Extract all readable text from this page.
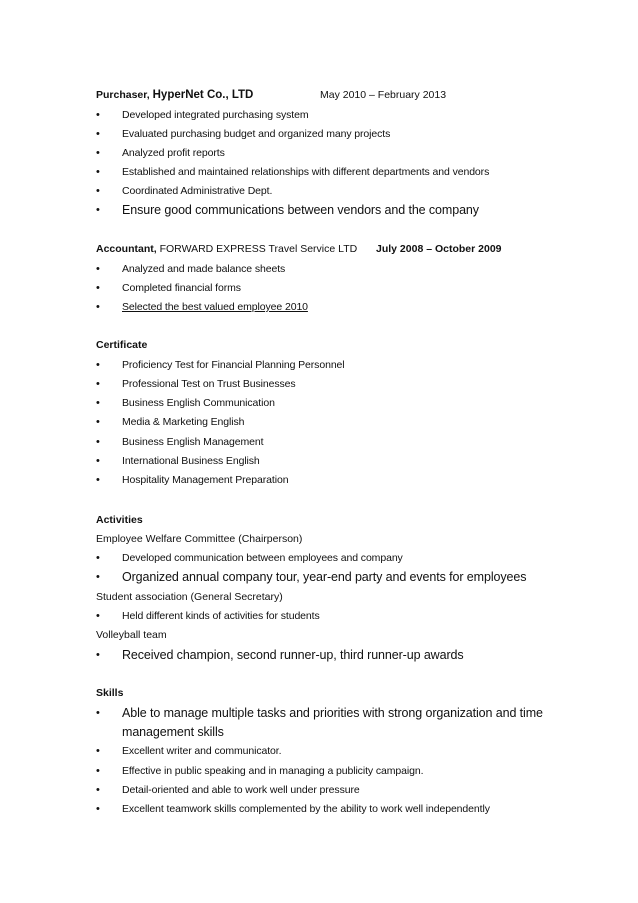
Purchaser, HyperNet Co., LTD	May 2010 – February 2013
• Developed integrated purchasing system
• Evaluated purchasing budget and organized many projects
• Analyzed profit reports
• Established and maintained relationships with different departments and vendors
• Coordinated Administrative Dept.
• Ensure good communications between vendors and the company
Accountant, FORWARD EXPRESS Travel Service LTD July 2008 – October 2009
• Analyzed and made balance sheets
• Completed financial forms
• Selected the best valued employee 2010
Certificate
• Proficiency Test for Financial Planning Personnel
• Professional Test on Trust Businesses
• Business English Communication
• Media & Marketing English
• Business English Management
• International Business English
• Hospitality Management Preparation
Activities
Employee Welfare Committee (Chairperson)
• Developed communication between employees and company
• Organized annual company tour, year-end party and events for employees
Student association (General Secretary)
• Held different kinds of activities for students
Volleyball team
• Received champion, second runner-up, third runner-up awards
Skills
• Able to manage multiple tasks and priorities with strong organization and time
management skills
• Excellent writer and communicator.
• Effective in public speaking and in managing a publicity campaign.
• Detail-oriented and able to work well under pressure
• Excellent teamwork skills complemented by the ability to work well independently
